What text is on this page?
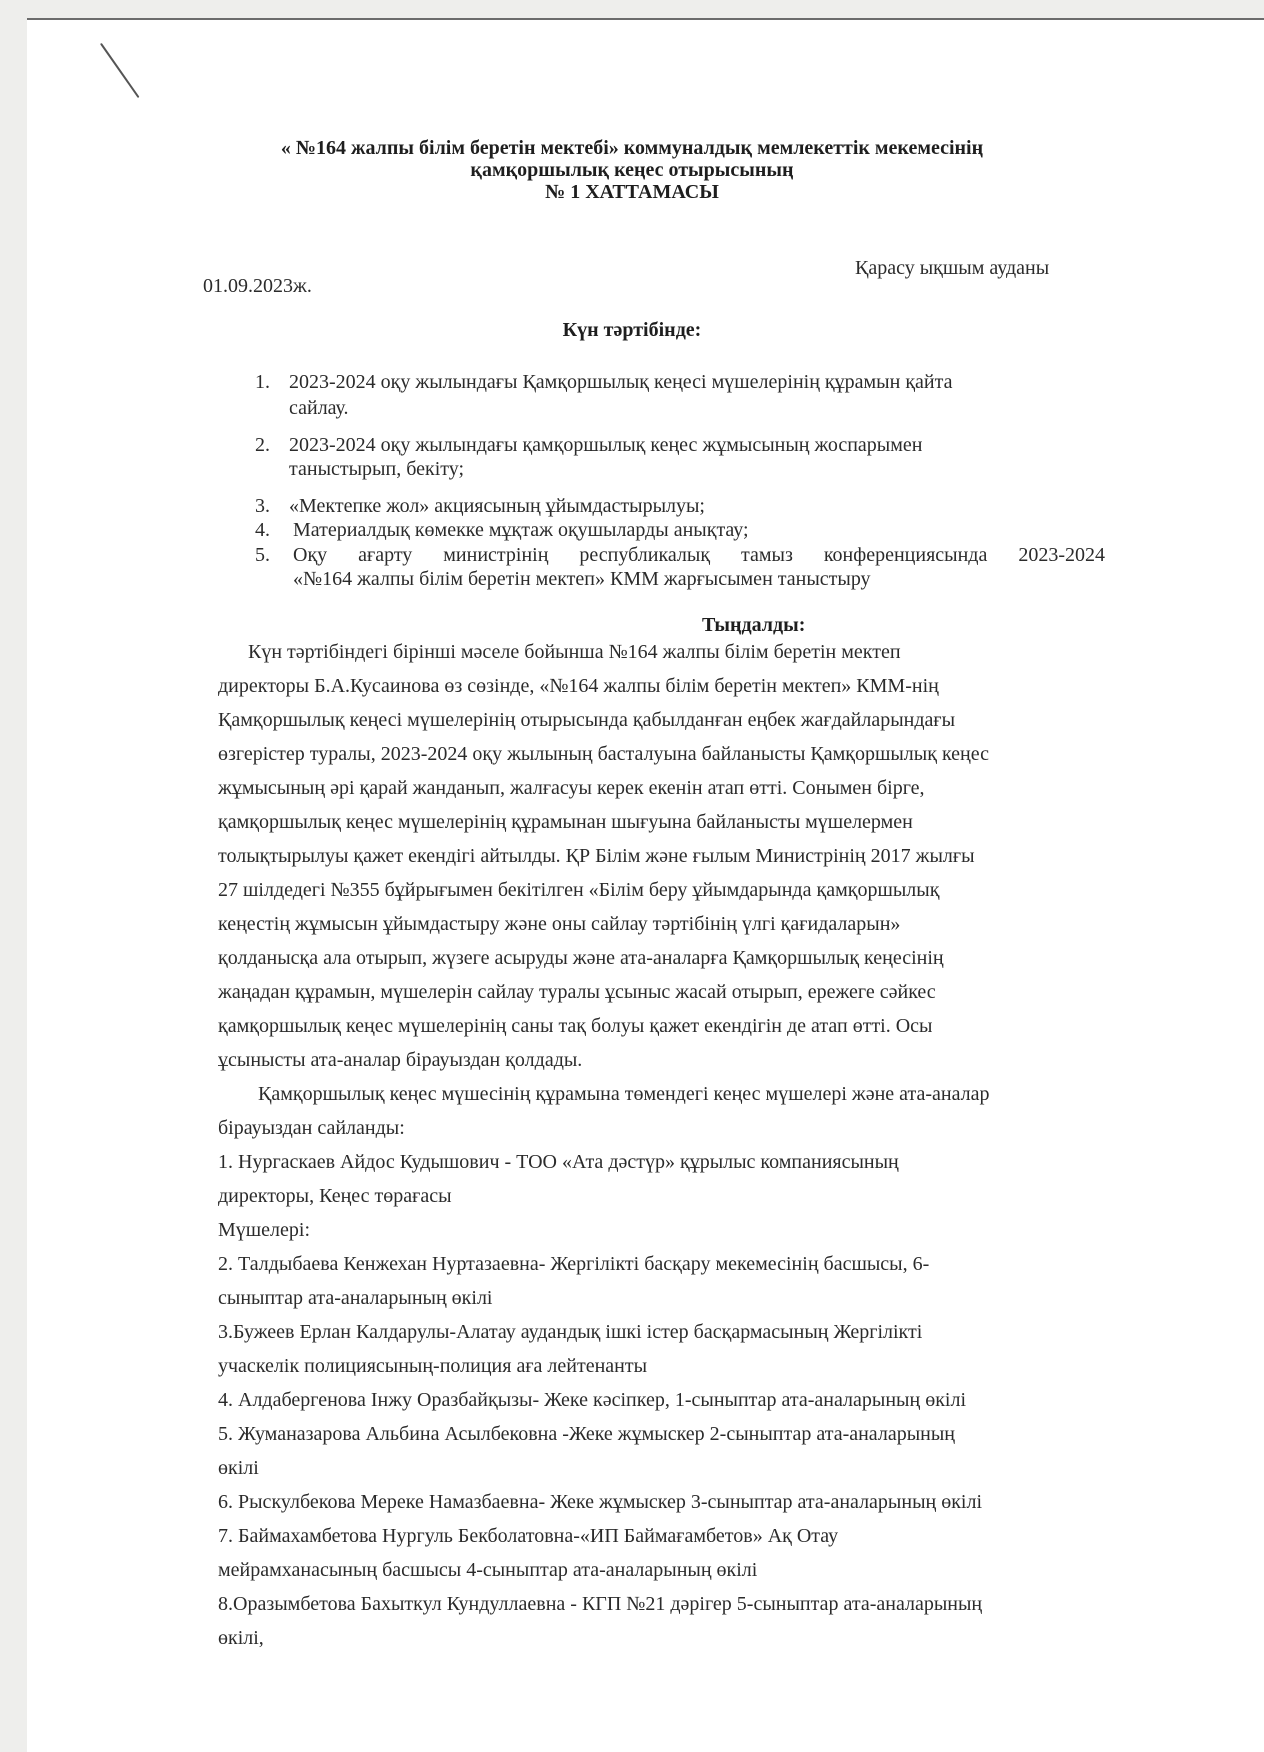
« №164 жалпы білім беретін мектебі» коммуналдық мемлекеттік мекемесінің
қамқоршылық кеңес отырысының
№ 1 ХАТТАМАСЫ
01.09.2023ж.
Қарасу ықшым ауданы
Күн тәртібінде:
1. 2023-2024 оқу жылындағы Қамқоршылық кеңесі мүшелерінің құрамын қайта
сайлау.
2. 2023-2024 оқу жылындағы қамқоршылық кеңес жұмысының жоспарымен
таныстырып, бекіту;
3. «Мектепке жол» акциясының ұйымдастырылуы;
4. Материалдық көмекке мұқтаж оқушыларды анықтау;
5. Оқу ағарту министрінің республикалық тамыз конференциясында 2023-2024
«№164 жалпы білім беретін мектеп» КММ жарғысымен таныстыру
Тыңдалды:
Күн тәртібіндегі бірінші мәселе бойынша №164 жалпы білім беретін мектеп
директоры Б.А.Кусаинова өз сөзінде, «№164 жалпы білім беретін мектеп» КММ-нің
Қамқоршылық кеңесі мүшелерінің отырысында қабылданған еңбек жағдайларындағы
өзгерістер туралы, 2023-2024 оқу жылының басталуына байланысты Қамқоршылық кеңес
жұмысының әрі қарай жанданып, жалғасуы керек екенін атап өтті. Сонымен бірге,
қамқоршылық кеңес мүшелерінің құрамынан шығуына байланысты мүшелермен
толықтырылуы қажет екендігі айтылды. ҚР Білім және ғылым Министрінің 2017 жылғы
27 шілдедегі №355 бұйрығымен бекітілген «Білім беру ұйымдарында қамқоршылық
кеңестің жұмысын ұйымдастыру және оны сайлау тәртібінің үлгі қағидаларын»
қолданысқа ала отырып, жүзеге асыруды және ата-аналарға Қамқоршылық кеңесінің
жаңадан құрамын, мүшелерін сайлау туралы ұсыныс жасай отырып, ережеге сәйкес
қамқоршылық кеңес мүшелерінің саны тақ болуы қажет екендігін де атап өтті. Осы
ұсынысты ата-аналар бірауыздан қолдады.
Қамқоршылық кеңес мүшесінің құрамына төмендегі кеңес мүшелері және ата-аналар
бірауыздан сайланды:
1. Нургаскаев Айдос Кудышович - ТОО «Ата дәстүр» құрылыс компаниясының
директоры, Кеңес төрағасы
Мүшелері:
2. Талдыбаева Кенжехан Нуртазаевна- Жергілікті басқару мекемесінің басшысы, 6-
сыныптар ата-аналарының өкілі
3.Бужеев Ерлан Калдарулы-Алатау аудандық ішкі істер басқармасының Жергілікті
учаскелік полициясының-полиция аға лейтенанты
4. Алдабергенова Інжу Оразбайқызы- Жеке кәсіпкер, 1-сыныптар ата-аналарының өкілі
5. Жуманазарова Альбина Асылбековна -Жеке жұмыскер 2-сыныптар ата-аналарының
өкілі
6. Рыскулбекова Мереке Намазбаевна- Жеке жұмыскер 3-сыныптар ата-аналарының өкілі
7. Баймахамбетова Нургуль Бекболатовна-«ИП Баймағамбетов» Ақ Отау
мейрамханасының басшысы 4-сыныптар ата-аналарының өкілі
8.Оразымбетова Бахыткул Кундуллаевна - КГП №21 дәрігер 5-сыныптар ата-аналарының
өкілі,
